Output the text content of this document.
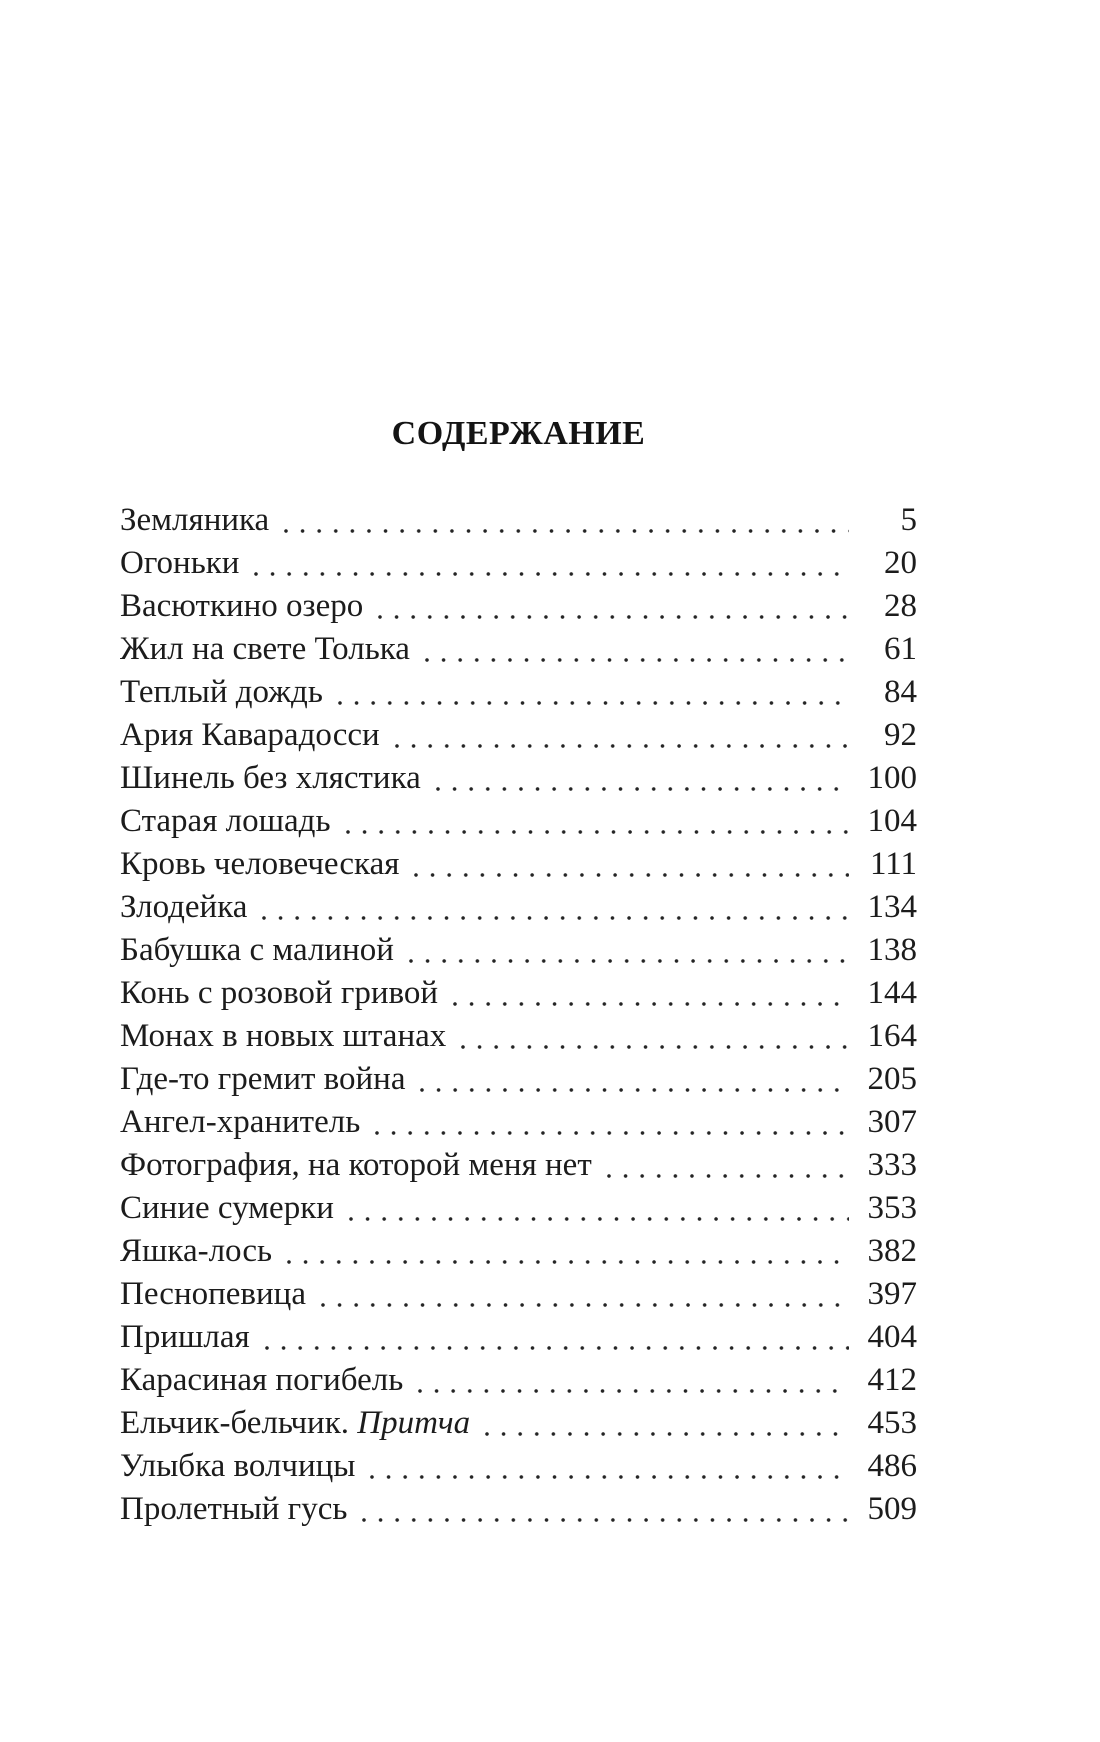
СОДЕРЖАНИЕ
Земляника	5
Огоньки	20
Васюткино озеро	28
Жил на свете Толька	61
Теплый дождь	84
Ария Каварадосси	92
Шинель без хлястика	100
Старая лошадь	104
Кровь человеческая	111
Злодейка	134
Бабушка с малиной	138
Конь с розовой гривой	144
Монах в новых штанах	164
Где-то гремит война	205
Ангел-хранитель	307
Фотография, на которой меня нет	333
Синие сумерки	353
Яшка-лось	382
Песнопевица	397
Пришлая	404
Карасиная погибель	412
Ельчик-бельчик. Притча	453
Улыбка волчицы	486
Пролетный гусь	509
